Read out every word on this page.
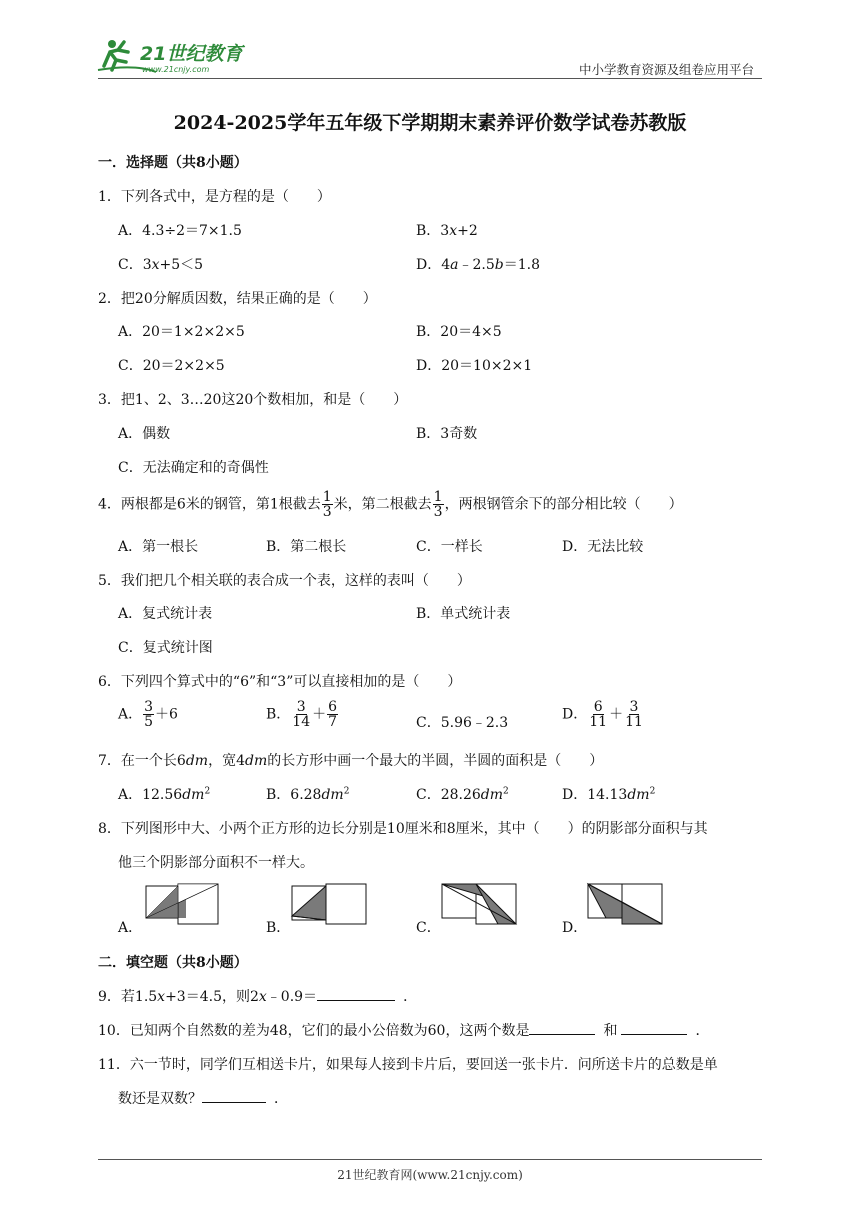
21世纪教育
www.21cnjy.com	中小学教育资源及组卷应用平台
2024-2025学年五年级下学期期末素养评价数学试卷苏教版
一．选择题（共8小题）
1．下列各式中，是方程的是（　　）
A．4.3÷2＝7×1.5	B．3x+2
C．3x+5＜5	D．4a﹣2.5b＝1.8
2．把20分解质因数，结果正确的是（　　）
A．20＝1×2×2×5	B．20＝4×5
C．20＝2×2×5	D．20＝10×2×1
3．把1、2、3…20这20个数相加，和是（　　）
A．偶数	B．3奇数
C．无法确定和的奇偶性
4．两根都是6米的钢管，第1根截去 $\frac{1}{3}$ 米，第二根截去 $\frac{1}{3}$ ，两根钢管余下的部分相比较（　　）
A．第一根长	B．第二根长	C．一样长	D．无法比较
5．我们把几个相关联的表合成一个表，这样的表叫（　　）
A．复式统计表	B．单式统计表
C．复式统计图
6．下列四个算式中的“6”和“3”可以直接相加的是（　　）
A． $\frac{3}{5} +6$	B． $\frac{3}{14} + \frac{6}{7}$	C．5.96﹣2.3
D． $\frac{6}{11} + \frac{3}{11}$
7．在一个长6dm，宽4dm的长方形中画一个最大的半圆，半圆的面积是（　　）
A．$12.56dm^2$	B．$6.28dm^2$	C．$28.26dm^2$	D．$14.13dm^2$
8．下列图形中大、小两个正方形的边长分别是10厘米和8厘米，其中（　　）的阴影部分面积与其
他三个阴影部分面积不一样大。
A．	B．	C．	D．
二．填空题（共8小题）
9．若1.5x+3＝4.5，则2x﹣0.9＝	．
10．已知两个自然数的差为48，它们的最小公倍数为60，这两个数是	和	．
11．六一节时，同学们互相送卡片，如果每人接到卡片后，要回送一张卡片．问所送卡片的总数是单
数还是双数？	．
21世纪教育网(www.21cnjy.com)
